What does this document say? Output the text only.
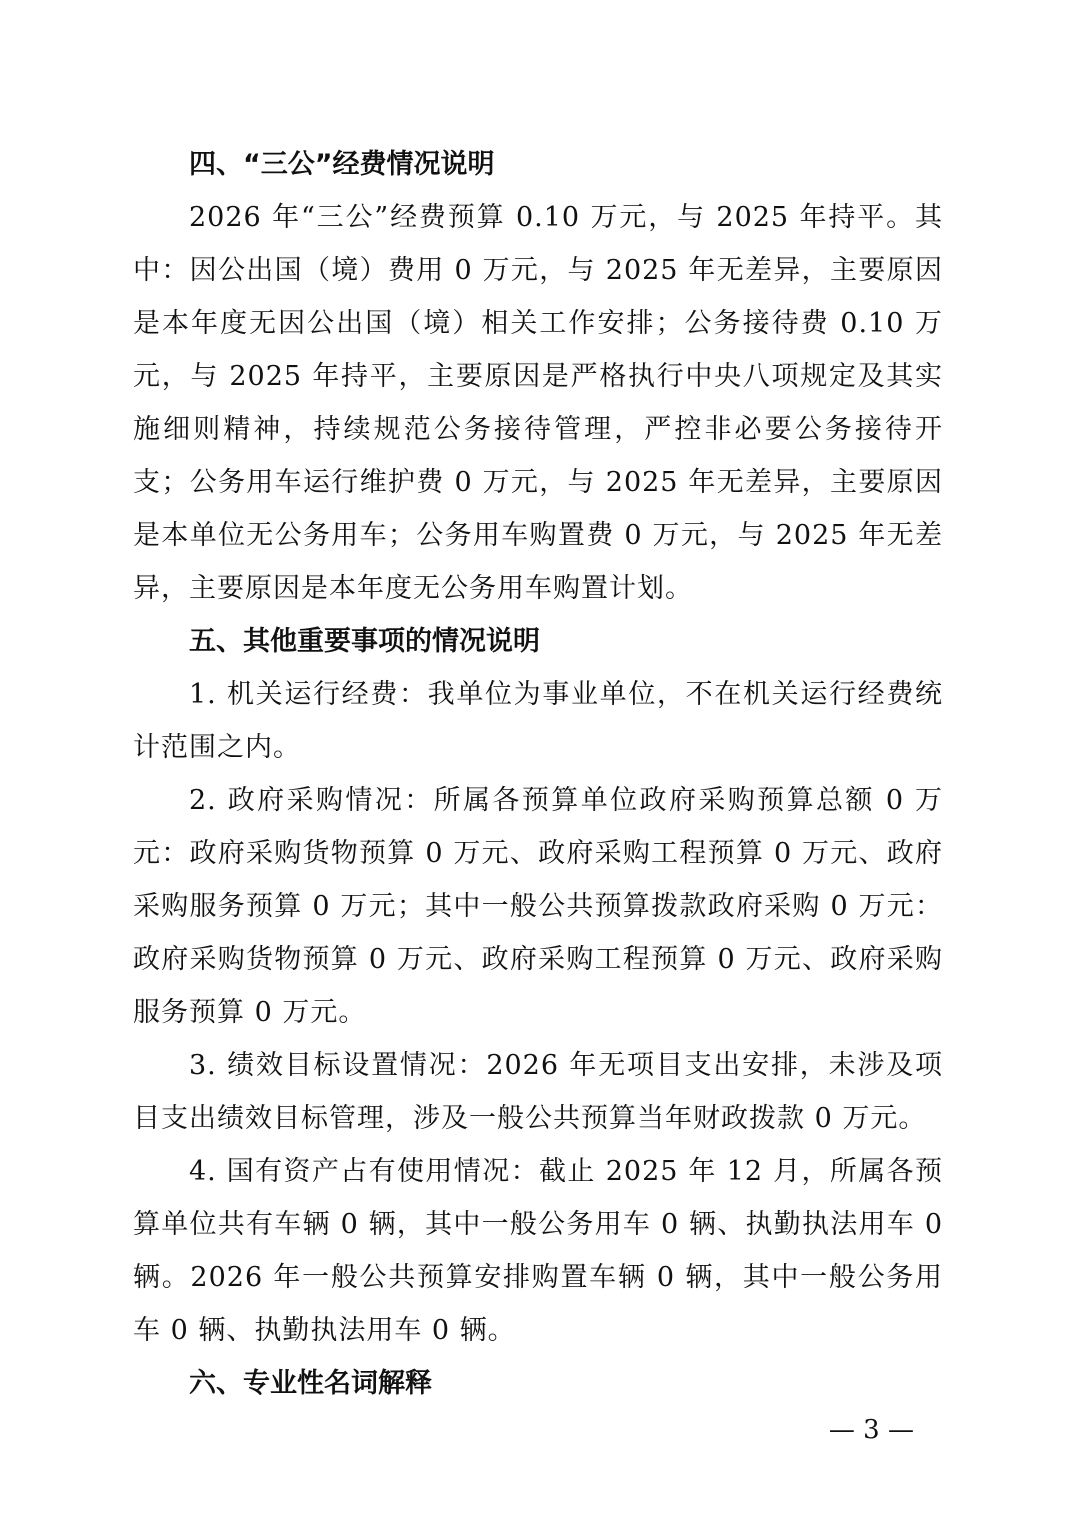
四、“三公”经费情况说明

2026 年“三公”经费预算 0.10 万元，与 2025 年持平。其中：因公出国（境）费用 0 万元，与 2025 年无差异，主要原因是本年度无因公出国（境）相关工作安排；公务接待费 0.10 万元，与 2025 年持平，主要原因是严格执行中央八项规定及其实施细则精神，持续规范公务接待管理，严控非必要公务接待开支；公务用车运行维护费 0 万元，与 2025 年无差异，主要原因是本单位无公务用车；公务用车购置费 0 万元，与 2025 年无差异，主要原因是本年度无公务用车购置计划。

五、其他重要事项的情况说明

1. 机关运行经费：我单位为事业单位，不在机关运行经费统计范围之内。

2. 政府采购情况：所属各预算单位政府采购预算总额 0 万元：政府采购货物预算 0 万元、政府采购工程预算 0 万元、政府采购服务预算 0 万元；其中一般公共预算拨款政府采购 0 万元：政府采购货物预算 0 万元、政府采购工程预算 0 万元、政府采购服务预算 0 万元。

3. 绩效目标设置情况：2026 年无项目支出安排，未涉及项目支出绩效目标管理，涉及一般公共预算当年财政拨款 0 万元。

4. 国有资产占有使用情况：截止 2025 年 12 月，所属各预算单位共有车辆 0 辆，其中一般公务用车 0 辆、执勤执法用车 0 辆。2026 年一般公共预算安排购置车辆 0 辆，其中一般公务用车 0 辆、执勤执法用车 0 辆。

六、专业性名词解释
— 3 —
